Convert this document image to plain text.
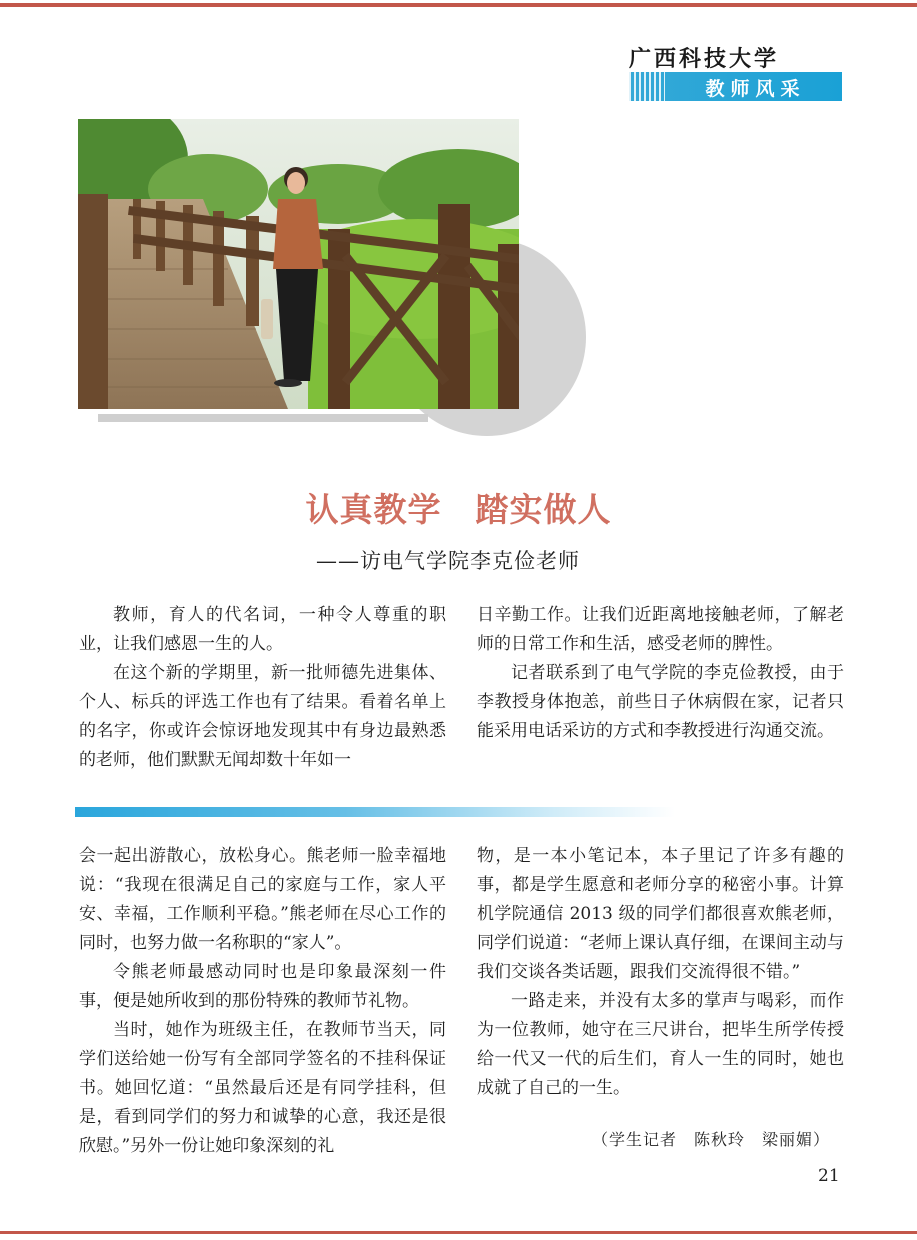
广西科技大学
教师风采
认真教学　踏实做人
——访电气学院李克俭老师

教师，育人的代名词，一种令人尊重的职业，让我们感恩一生的人。

在这个新的学期里，新一批师德先进集体、个人、标兵的评选工作也有了结果。看着名单上的名字，你或许会惊讶地发现其中有身边最熟悉的老师，他们默默无闻却数十年如一

日辛勤工作。让我们近距离地接触老师，了解老师的日常工作和生活，感受老师的脾性。

记者联系到了电气学院的李克俭教授，由于李教授身体抱恙，前些日子休病假在家，记者只能采用电话采访的方式和李教授进行沟通交流。

会一起出游散心，放松身心。熊老师一脸幸福地说：“我现在很满足自己的家庭与工作，家人平安、幸福，工作顺利平稳。”熊老师在尽心工作的同时，也努力做一名称职的“家人”。

令熊老师最感动同时也是印象最深刻一件事，便是她所收到的那份特殊的教师节礼物。

当时，她作为班级主任，在教师节当天，同学们送给她一份写有全部同学签名的不挂科保证书。她回忆道：“虽然最后还是有同学挂科，但是，看到同学们的努力和诚挚的心意，我还是很欣慰。”另外一份让她印象深刻的礼

物，是一本小笔记本，本子里记了许多有趣的事，都是学生愿意和老师分享的秘密小事。计算机学院通信 2013 级的同学们都很喜欢熊老师，同学们说道：“老师上课认真仔细，在课间主动与我们交谈各类话题，跟我们交流得很不错。”

一路走来，并没有太多的掌声与喝彩，而作为一位教师，她守在三尺讲台，把毕生所学传授给一代又一代的后生们，育人一生的同时，她也成就了自己的一生。

（学生记者　陈秋玲　梁丽媚）
21
